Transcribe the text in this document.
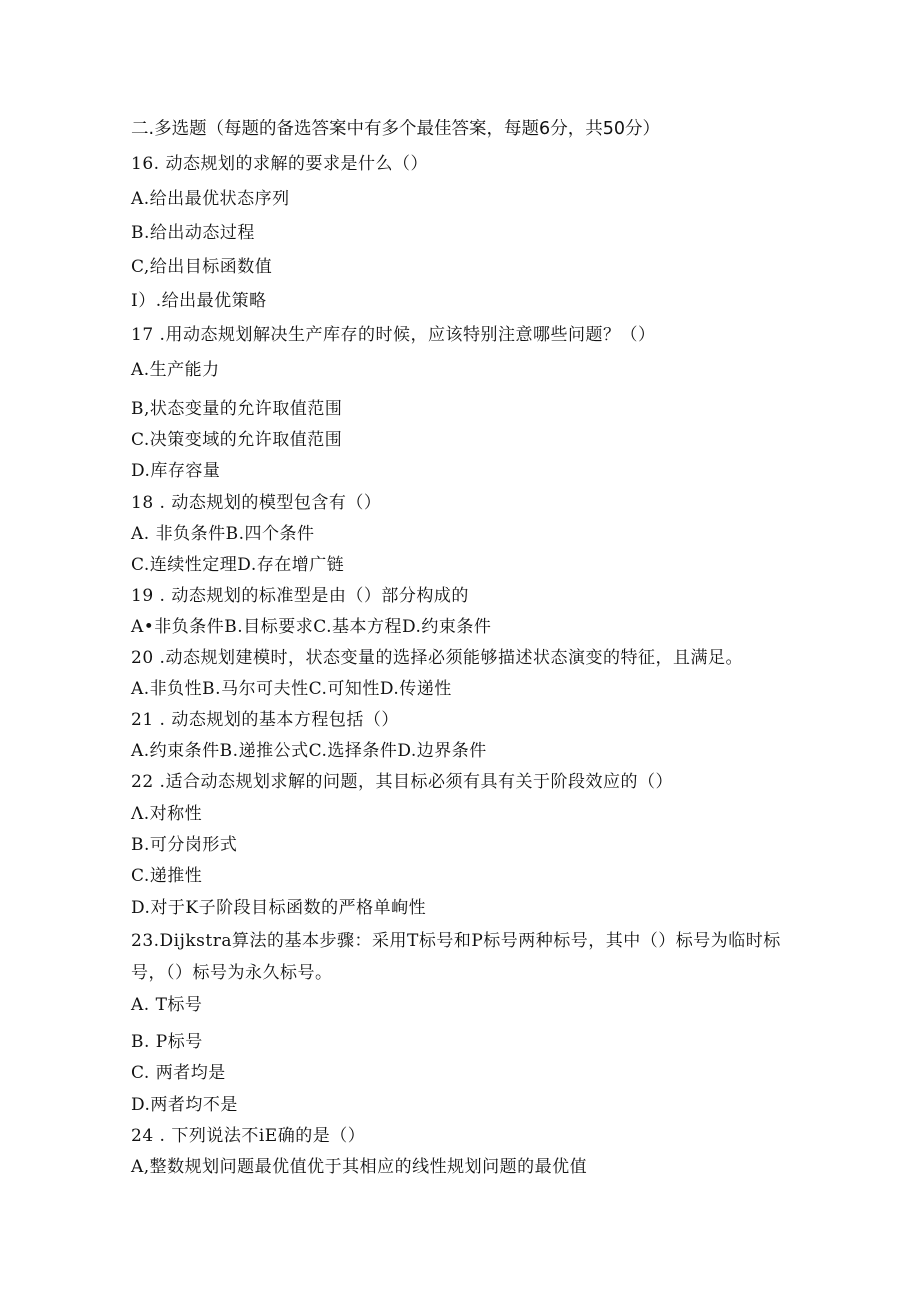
二.多选题（每题的备选答案中有多个最佳答案，每题6分，共50分）
16. 动态规划的求解的要求是什么（）
A.给出最优状态序列
B.给出动态过程
C,给出目标函数值
I）.给出最优策略
17 .用动态规划解决生产库存的时候，应该特别注意哪些问题？（）
A.生产能力
B,状态变量的允许取值范围
C.决策变域的允许取值范围
D.库存容量
18 . 动态规划的模型包含有（）
A. 非负条件B.四个条件
C.连续性定理D.存在增广链
19 . 动态规划的标准型是由（）部分构成的
A•非负条件B.目标要求C.基本方程D.约束条件
20 .动态规划建模时，状态变量的选择必须能够描述状态演变的特征，且满足。
A.非负性B.马尔可夫性C.可知性D.传递性
21 . 动态规划的基本方程包括（）
A.约束条件B.递推公式C.选择条件D.边界条件
22 .适合动态规划求解的问题，其目标必须有具有关于阶段效应的（）
Λ.对称性
B.可分岗形式
C.递推性
D.对于K子阶段目标函数的严格单峋性
23.Dijkstra算法的基本步骤：采用T标号和P标号两种标号，其中（）标号为临时标号，（）标号为永久标号。
A. T标号
B. P标号
C. 两者均是
D.两者均不是
24 . 下列说法不iE确的是（）
A,整数规划问题最优值优于其相应的线性规划问题的最优值
